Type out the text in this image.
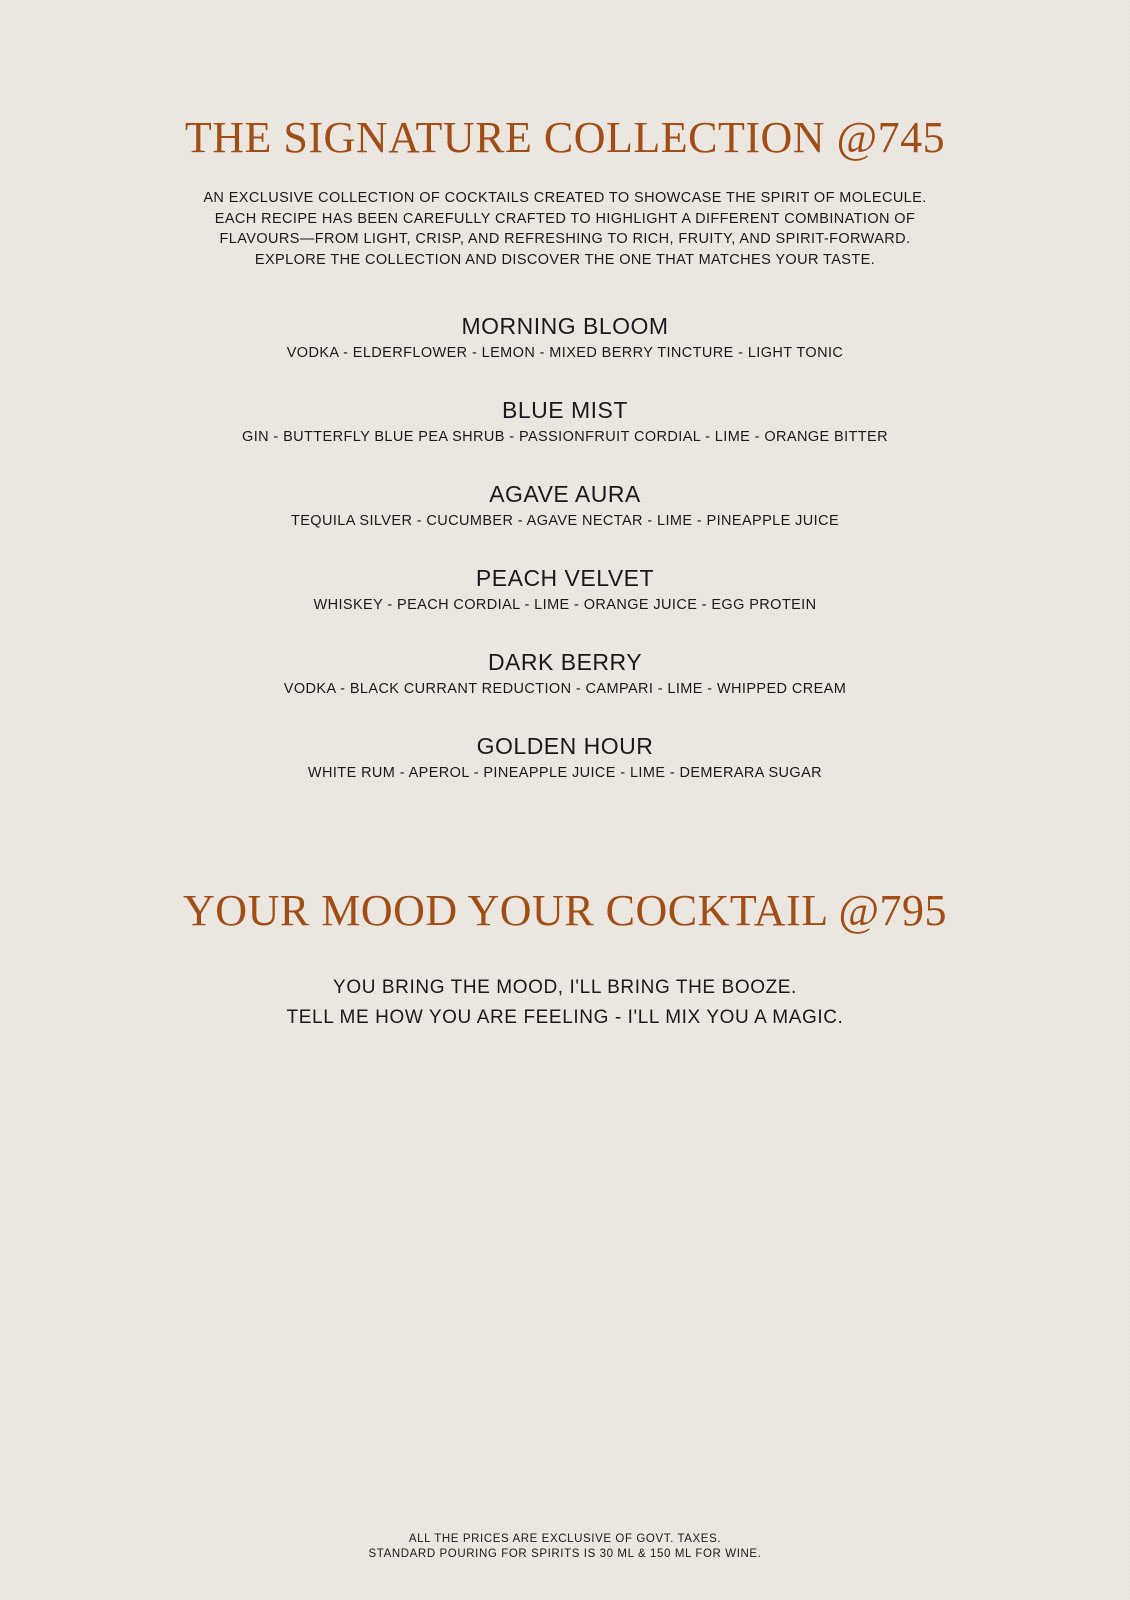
THE SIGNATURE COLLECTION @745
AN EXCLUSIVE COLLECTION OF COCKTAILS CREATED TO SHOWCASE THE SPIRIT OF MOLECULE.
EACH RECIPE HAS BEEN CAREFULLY CRAFTED TO HIGHLIGHT A DIFFERENT COMBINATION OF
FLAVOURS—FROM LIGHT, CRISP, AND REFRESHING TO RICH, FRUITY, AND SPIRIT-FORWARD.
EXPLORE THE COLLECTION AND DISCOVER THE ONE THAT MATCHES YOUR TASTE.
MORNING BLOOM
VODKA - ELDERFLOWER - LEMON - MIXED BERRY TINCTURE - LIGHT TONIC
BLUE MIST
GIN - BUTTERFLY BLUE PEA SHRUB - PASSIONFRUIT CORDIAL - LIME - ORANGE BITTER
AGAVE AURA
TEQUILA SILVER - CUCUMBER - AGAVE NECTAR - LIME - PINEAPPLE JUICE
PEACH VELVET
WHISKEY - PEACH CORDIAL - LIME - ORANGE JUICE - EGG PROTEIN
DARK BERRY
VODKA - BLACK CURRANT REDUCTION - CAMPARI - LIME - WHIPPED CREAM
GOLDEN HOUR
WHITE RUM - APEROL - PINEAPPLE JUICE - LIME - DEMERARA SUGAR
YOUR MOOD YOUR COCKTAIL @795
YOU BRING THE MOOD, I'LL BRING THE BOOZE.
TELL ME HOW YOU ARE FEELING - I'LL MIX YOU A MAGIC.
ALL THE PRICES ARE EXCLUSIVE OF GOVT. TAXES.
STANDARD POURING FOR SPIRITS IS 30 ML & 150 ML FOR WINE.
